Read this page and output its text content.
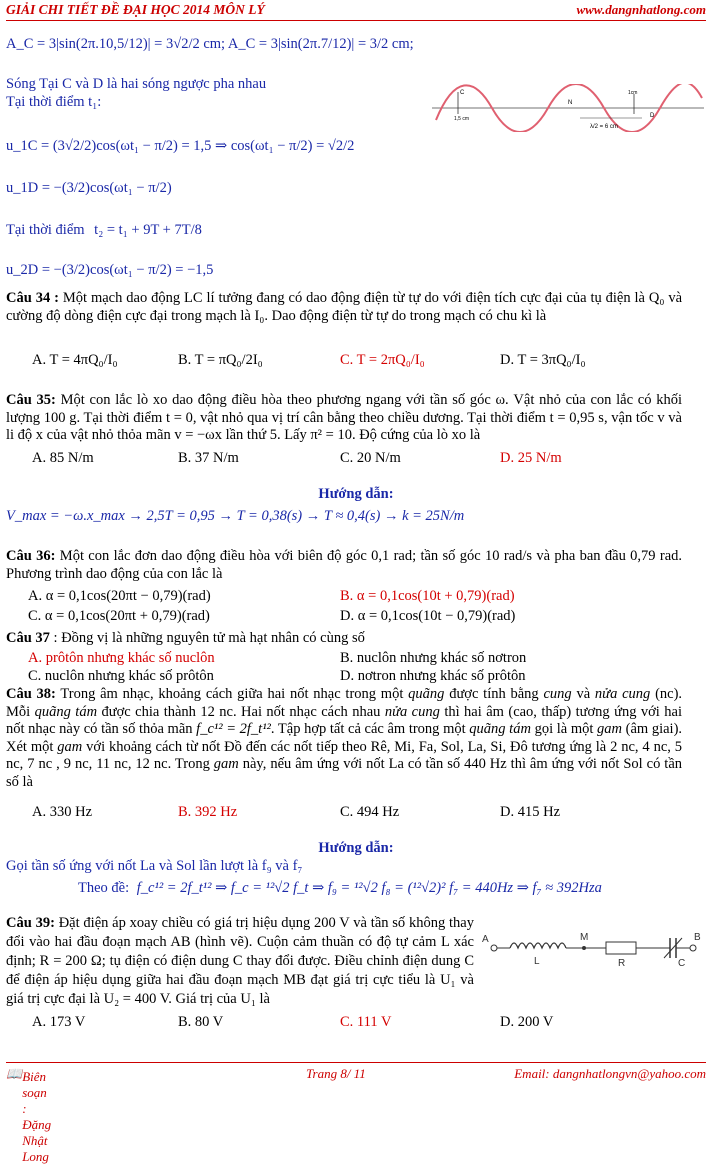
GIẢI CHI TIẾT ĐỀ ĐẠI HỌC 2014 MÔN LÝ	www.dangnhatlong.com
A_C = 3|sin(2π.10,5/12)| = 3√2/2 cm; A_C = 3|sin(2π.7/12)| = 3/2 cm;
Sóng Tại C và D là hai sóng ngược pha nhau
Tại thời điểm t₁:
u_1C = (3√2/2)cos(ωt₁ − π/2) = 1,5 ⇒ cos(ωt₁ − π/2) = √2/2
u_1D = −(3/2)cos(ωt₁ − π/2)
Tại thời điểm t₂ = t₁ + 9T + 7T/8
u_2D = −(3/2)cos(ωt₁ − π/2) = −1,5
C
1,5 cm
N
1cm
D
λ/2 = 6 cm
Câu 34 : Một mạch dao động LC lí tưởng đang có dao động điện từ tự do với điện tích cực đại của tụ điện là Q₀ và cường độ dòng điện cực đại trong mạch là I₀. Dao động điện từ tự do trong mạch có chu kì là
A. T = 4πQ₀/I₀	B. T = πQ₀/2I₀	C. T = 2πQ₀/I₀	D. T = 3πQ₀/I₀
Câu 35: Một con lắc lò xo dao động điều hòa theo phương ngang với tần số góc ω. Vật nhỏ của con lắc có khối lượng 100 g. Tại thời điểm t = 0, vật nhỏ qua vị trí cân bằng theo chiều dương. Tại thời điểm t = 0,95 s, vận tốc v và li độ x của vật nhỏ thỏa mãn v = −ωx lần thứ 5. Lấy π² = 10. Độ cứng của lò xo là
A. 85 N/m	B. 37 N/m	C. 20 N/m	D. 25 N/m
Hướng dẫn:
V_max = −ω.x_max → 2,5T = 0,95 → T = 0,38(s) → T ≈ 0,4(s) → k = 25N/m
Câu 36: Một con lắc đơn dao động điều hòa với biên độ góc 0,1 rad; tần số góc 10 rad/s và pha ban đầu 0,79 rad. Phương trình dao động của con lắc là
A. α = 0,1cos(20πt − 0,79)(rad)	B. α = 0,1cos(10t + 0,79)(rad)
C. α = 0,1cos(20πt + 0,79)(rad)	D. α = 0,1cos(10t − 0,79)(rad)
Câu 37 : Đồng vị là những nguyên tử mà hạt nhân có cùng số
A. prôtôn nhưng khác số nuclôn	B. nuclôn nhưng khác số nơtron
C. nuclôn nhưng khác số prôtôn	D. nơtron nhưng khác số prôtôn
Câu 38: Trong âm nhạc, khoảng cách giữa hai nốt nhạc trong một quãng được tính bằng cung và nửa cung (nc). Mỗi quãng tám được chia thành 12 nc. Hai nốt nhạc cách nhau nửa cung thì hai âm (cao, thấp) tương ứng với hai nốt nhạc này có tần số thỏa mãn f_c¹² = 2f_t¹². Tập hợp tất cả các âm trong một quãng tám gọi là một gam (âm giai). Xét một gam với khoảng cách từ nốt Đồ đến các nốt tiếp theo Rê, Mi, Fa, Sol, La, Si, Đô tương ứng là 2 nc, 4 nc, 5 nc, 7 nc , 9 nc, 11 nc, 12 nc. Trong gam này, nếu âm ứng với nốt La có tần số 440 Hz thì âm ứng với nốt Sol có tần số là
A. 330 Hz	B. 392 Hz	C. 494 Hz	D. 415 Hz
Hướng dẫn:
Gọi tần số ứng với nốt La và Sol lần lượt là f₉ và f₇
Theo đề: f_c¹² = 2f_t¹² ⇒ f_c = ¹²√2 f_t ⇒ f₉ = ¹²√2 f₈ = (¹²√2)² f₇ = 440Hz ⇒ f₇ ≈ 392Hza
Câu 39: Đặt điện áp xoay chiều có giá trị hiệu dụng 200 V và tần số không thay đổi vào hai đầu đoạn mạch AB (hình vẽ). Cuộn cảm thuần có độ tự cảm L xác định; R = 200 Ω; tụ điện có điện dung C thay đổi được. Điều chỉnh điện dung C để điện áp hiệu dụng giữa hai đầu đoạn mạch MB đạt giá trị cực tiểu là U₁ và giá trị cực đại là U₂ = 400 V. Giá trị của U₁ là
A
L
M
R	C
B
A. 173 V	B. 80 V	C. 111 V	D. 200 V
📖 Biên soạn : Đặng Nhật Long
Trang 8/ 11	Email: dangnhatlongvn@yahoo.com
